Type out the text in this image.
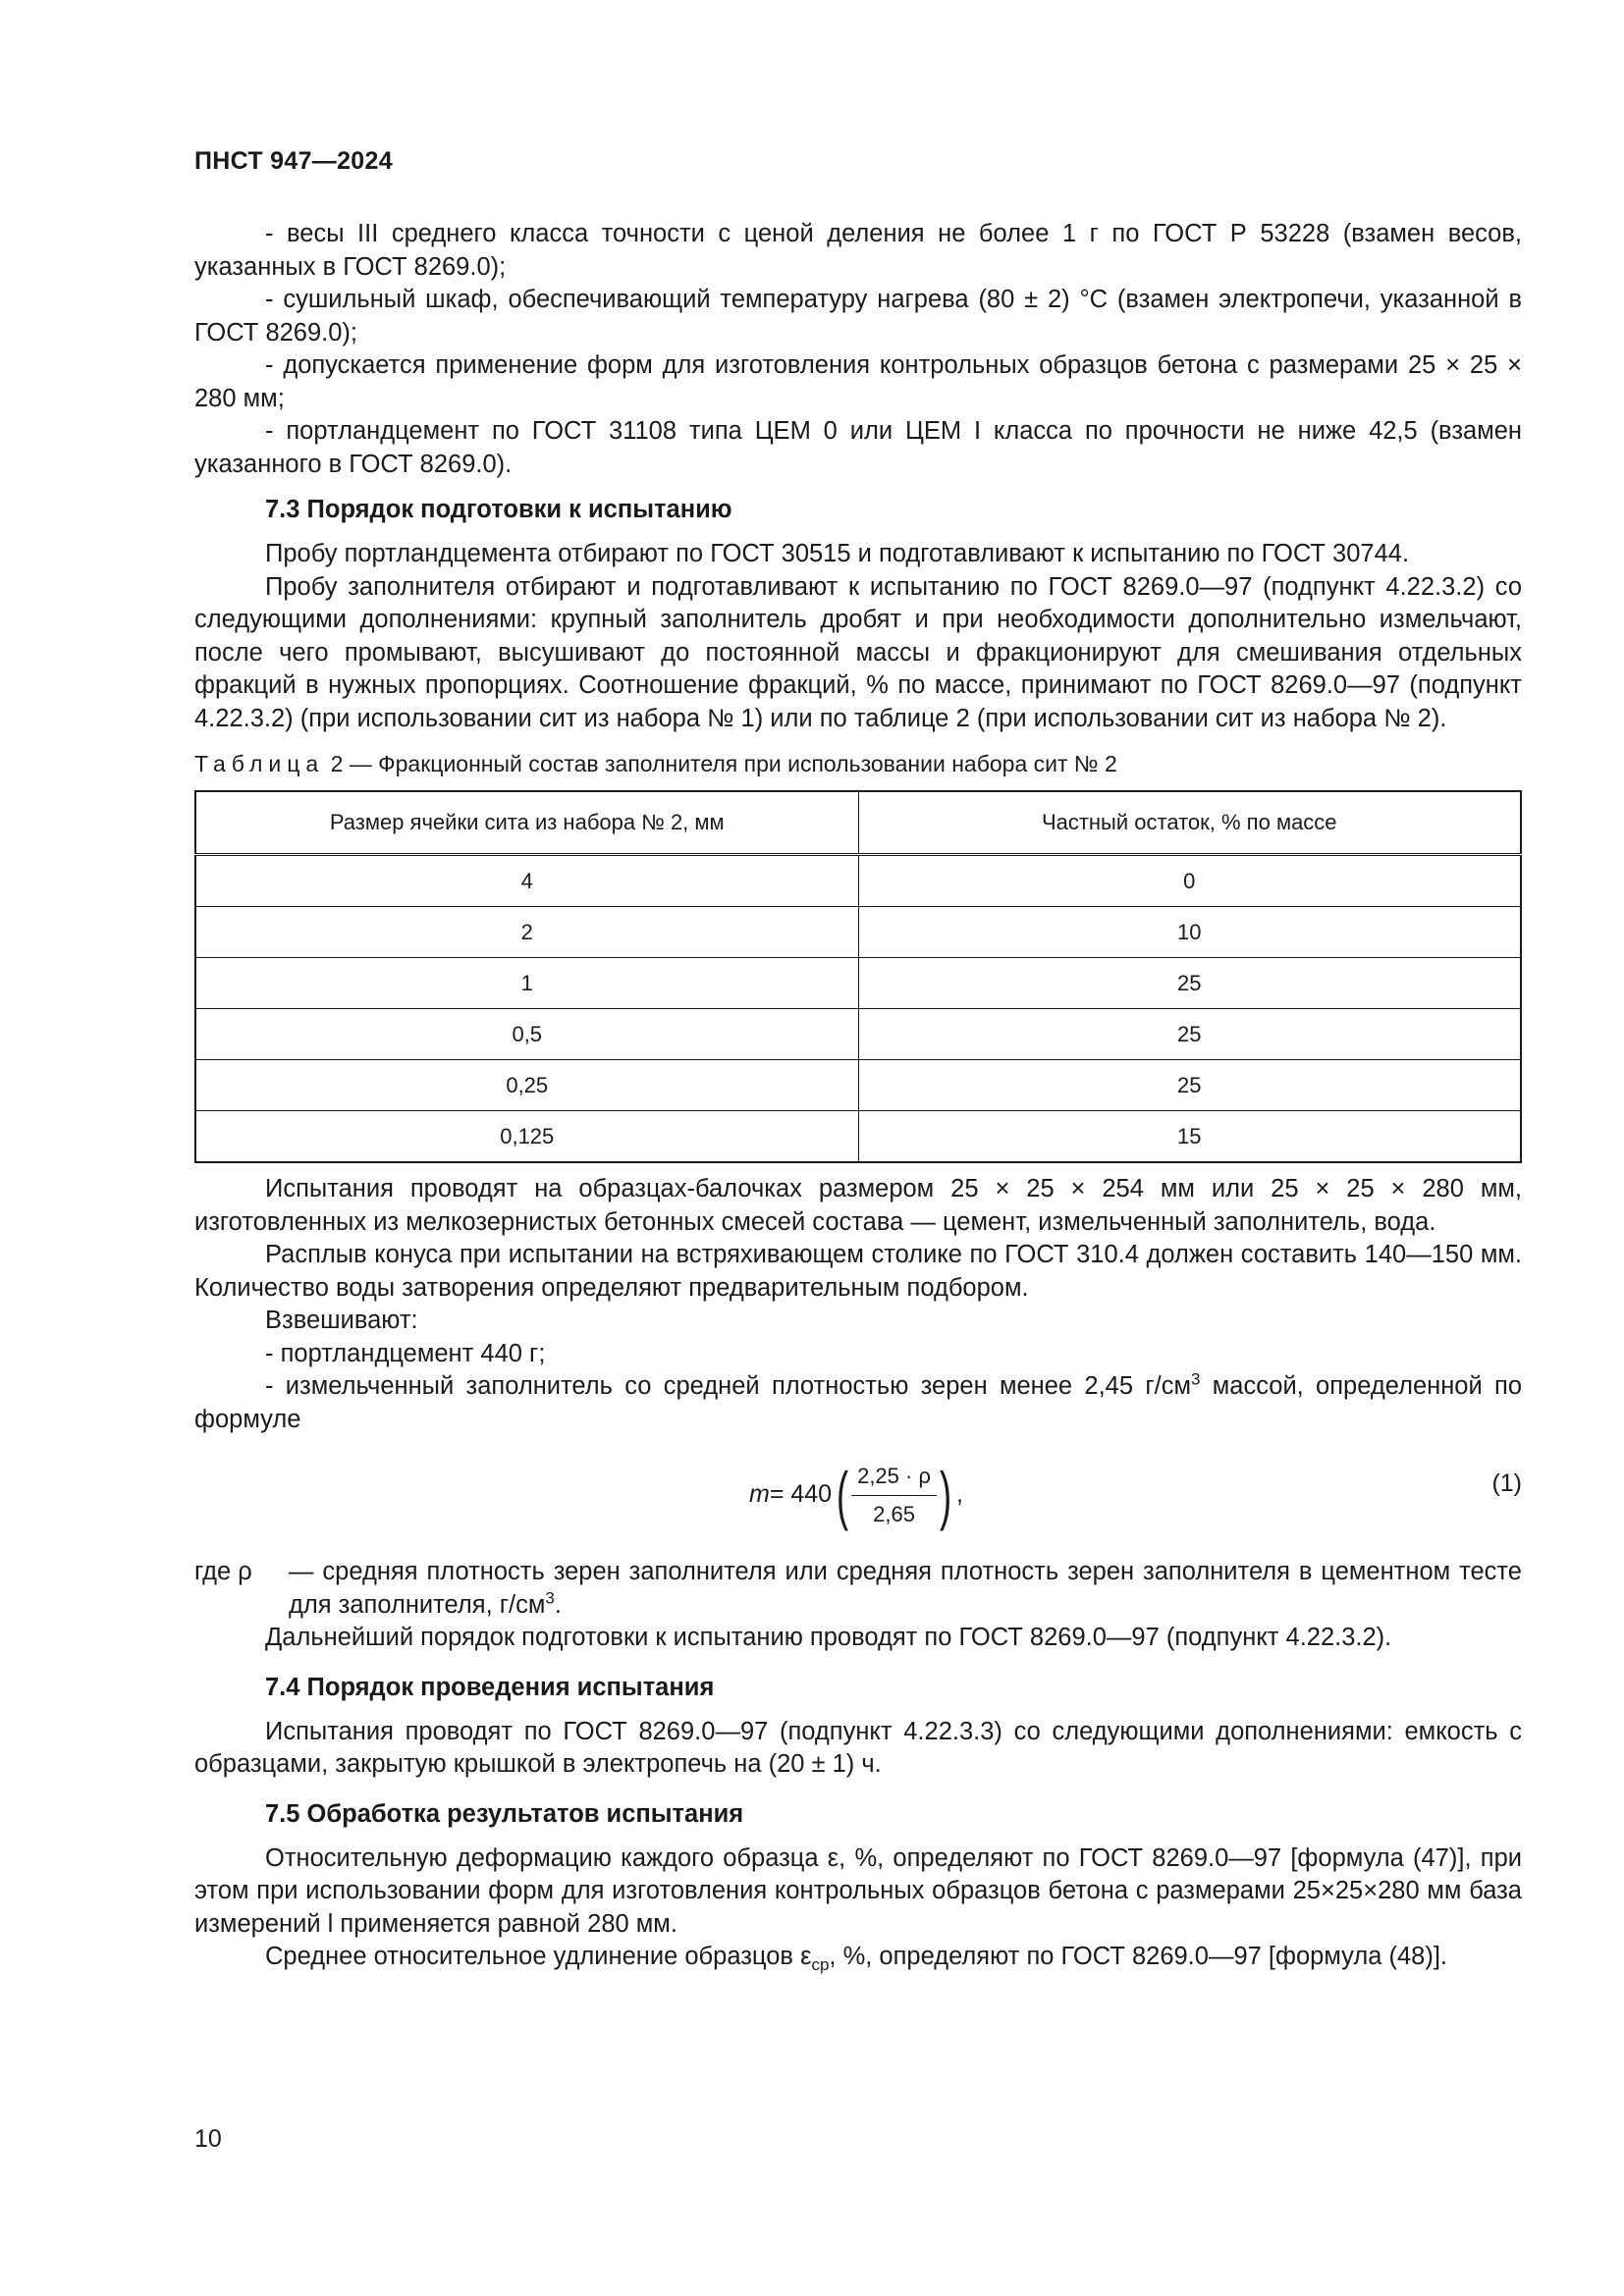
ПНСТ 947—2024

- весы III среднего класса точности с ценой деления не более 1 г по ГОСТ Р 53228 (взамен весов, указанных в ГОСТ 8269.0);

- сушильный шкаф, обеспечивающий температуру нагрева (80 ± 2) °С (взамен электропечи, указанной в ГОСТ 8269.0);

- допускается применение форм для изготовления контрольных образцов бетона с размерами 25 × 25 × 280 мм;

- портландцемент по ГОСТ 31108 типа ЦЕМ 0 или ЦЕМ I класса по прочности не ниже 42,5 (взамен указанного в ГОСТ 8269.0).

7.3 Порядок подготовки к испытанию

Пробу портландцемента отбирают по ГОСТ 30515 и подготавливают к испытанию по ГОСТ 30744.

Пробу заполнителя отбирают и подготавливают к испытанию по ГОСТ 8269.0—97 (подпункт 4.22.3.2) со следующими дополнениями: крупный заполнитель дробят и при необходимости дополнительно измельчают, после чего промывают, высушивают до постоянной массы и фракционируют для смешивания отдельных фракций в нужных пропорциях. Соотношение фракций, % по массе, принимают по ГОСТ 8269.0—97 (подпункт 4.22.3.2) (при использовании сит из набора № 1) или по таблице 2 (при использовании сит из набора № 2).

Таблица 2 — Фракционный состав заполнителя при использовании набора сит № 2
Размер ячейки сита из набора № 2, мм	Частный остаток, % по массе
4	0
2	10
1	25
0,5	25
0,25	25
0,125	15

Испытания проводят на образцах-балочках размером 25 × 25 × 254 мм или 25 × 25 × 280 мм, изготовленных из мелкозернистых бетонных смесей состава — цемент, измельченный заполнитель, вода.

Расплыв конуса при испытании на встряхивающем столике по ГОСТ 310.4 должен составить 140—150 мм. Количество воды затворения определяют предварительным подбором.

Взвешивают:

- портландцемент 440 г;

- измельченный заполнитель со средней плотностью зерен менее 2,45 $г/см^3$ массой, определенной по формуле

m = 440 ( $\frac{2,25 \cdot \rho}{2,65}$ ) ,	(1)
где ρ	— средняя плотность зерен заполнителя или средняя плотность зерен заполнителя в цементном тесте для заполнителя, $г/см^3$.

Дальнейший порядок подготовки к испытанию проводят по ГОСТ 8269.0—97 (подпункт 4.22.3.2).

7.4 Порядок проведения испытания

Испытания проводят по ГОСТ 8269.0—97 (подпункт 4.22.3.3) со следующими дополнениями: емкость с образцами, закрытую крышкой в электропечь на (20 ± 1) ч.

7.5 Обработка результатов испытания

Относительную деформацию каждого образца ε, %, определяют по ГОСТ 8269.0—97 [формула (47)], при этом при использовании форм для изготовления контрольных образцов бетона с размерами 25×25×280 мм база измерений l применяется равной 280 мм.

Среднее относительное удлинение образцов $\varepsilon_{ср}$, %, определяют по ГОСТ 8269.0—97 [формула (48)].

10
